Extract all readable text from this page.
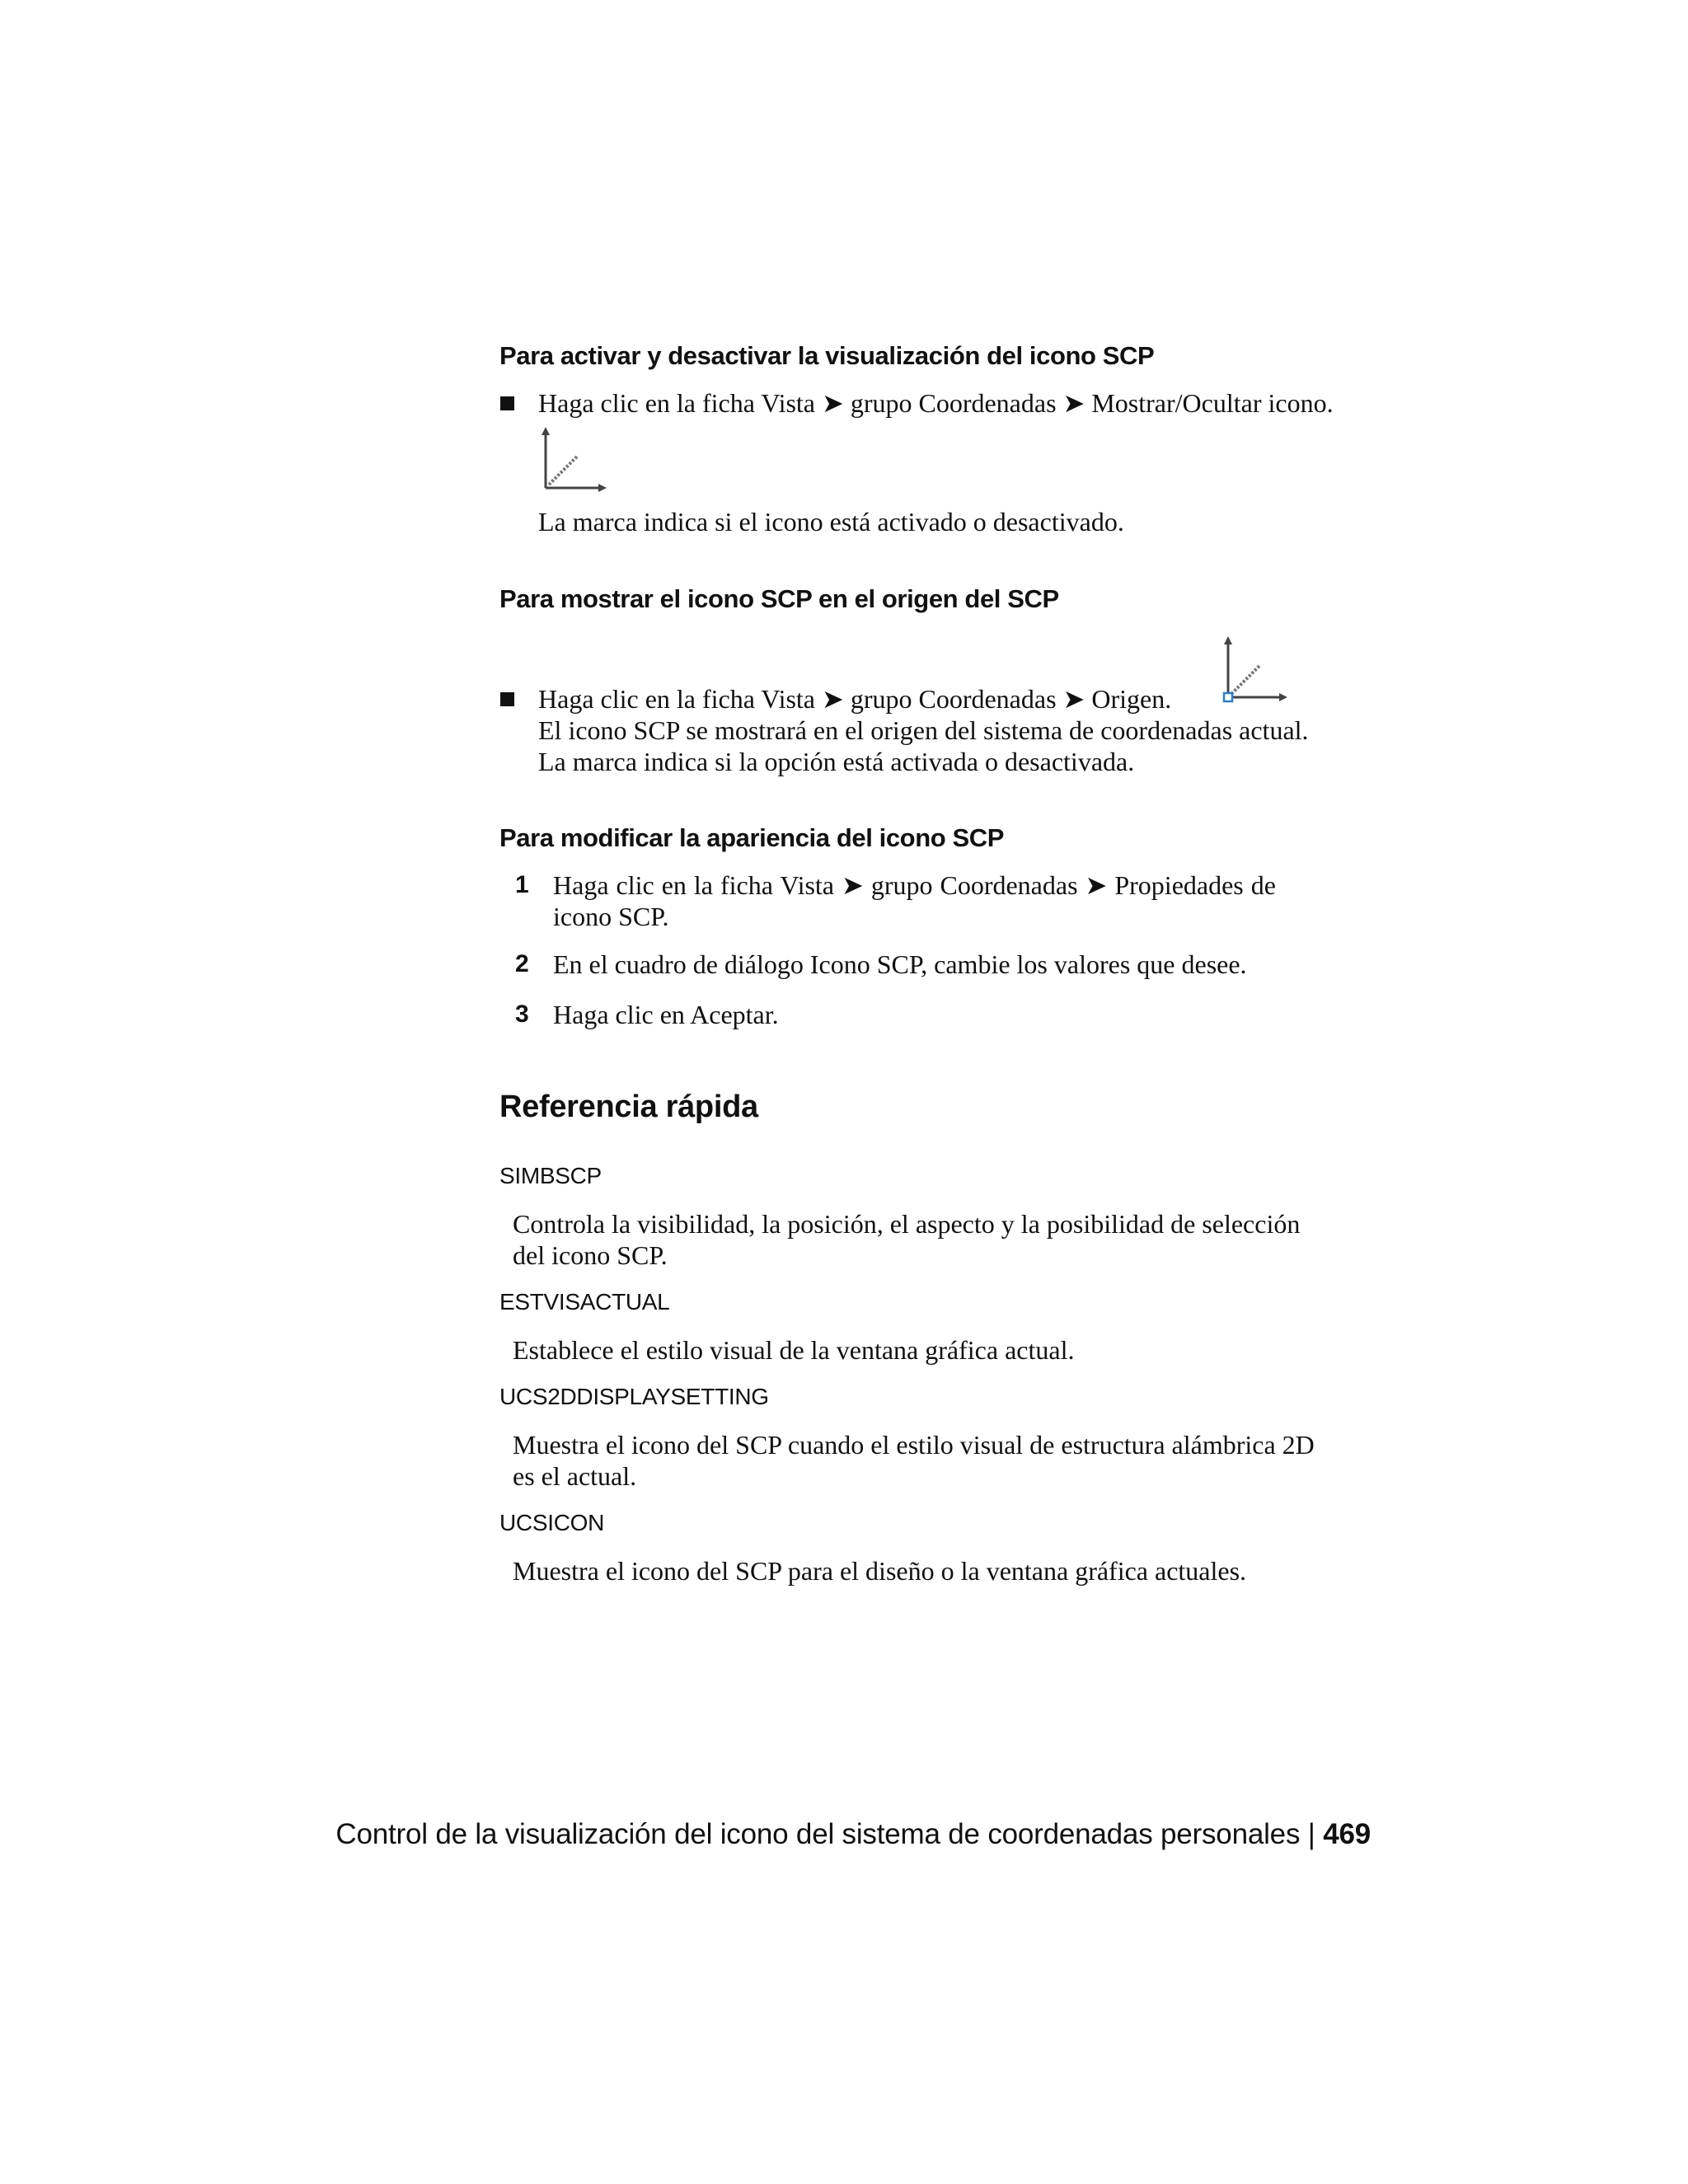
Para activar y desactivar la visualización del icono SCP
Haga clic en la ficha Vista ➤ grupo Coordenadas ➤ Mostrar/Ocultar icono.
La marca indica si el icono está activado o desactivado.
Para mostrar el icono SCP en el origen del SCP
Haga clic en la ficha Vista ➤ grupo Coordenadas ➤ Origen.
El icono SCP se mostrará en el origen del sistema de coordenadas actual.
La marca indica si la opción está activada o desactivada.
Para modificar la apariencia del icono SCP
1 Haga clic en la ficha Vista ➤ grupo Coordenadas ➤ Propiedades de
icono SCP.
2 En el cuadro de diálogo Icono SCP, cambie los valores que desee.
3 Haga clic en Aceptar.
Referencia rápida
SIMBSCP
Controla la visibilidad, la posición, el aspecto y la posibilidad de selección
del icono SCP.
ESTVISACTUAL
Establece el estilo visual de la ventana gráfica actual.
UCS2DDISPLAYSETTING
Muestra el icono del SCP cuando el estilo visual de estructura alámbrica 2D
es el actual.
UCSICON
Muestra el icono del SCP para el diseño o la ventana gráfica actuales.
Control de la visualización del icono del sistema de coordenadas personales | 469
